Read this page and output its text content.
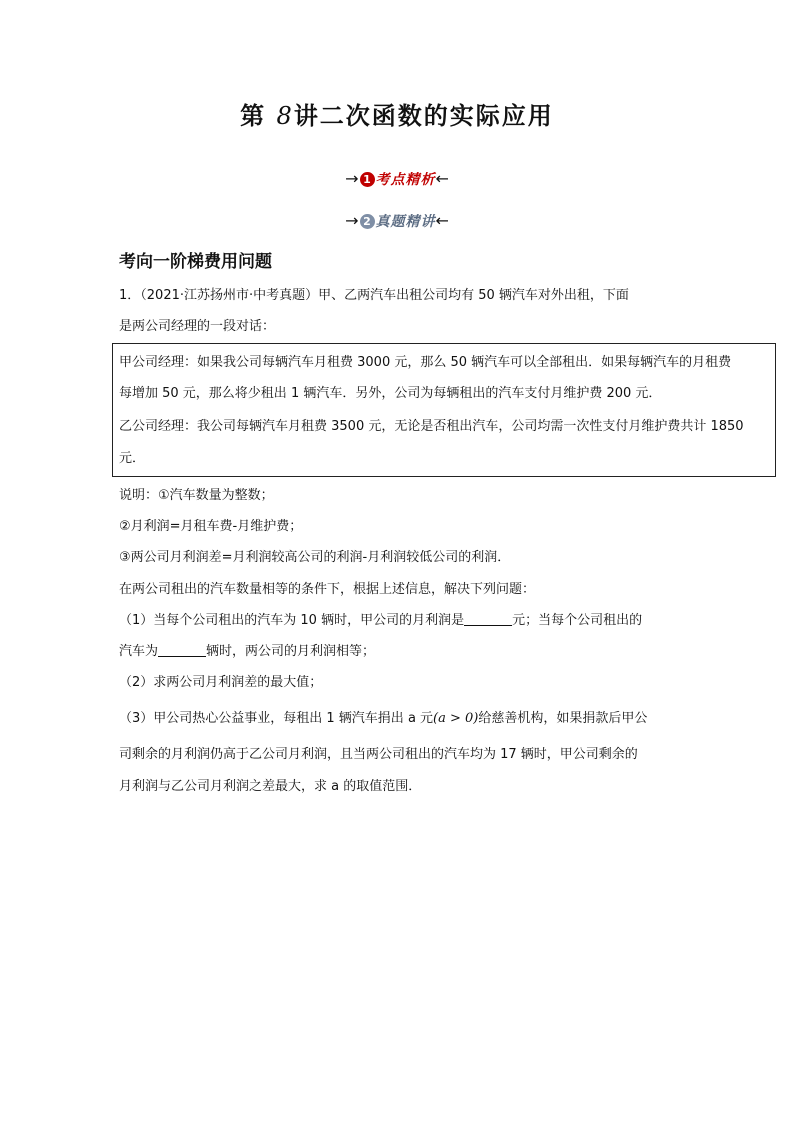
第 8讲二次函数的实际应用
→ 1 考点精析←
→ 2 真题精讲←
考向一阶梯费用问题
1．（2021·江苏扬州市·中考真题）甲、乙两汽车出租公司均有 50 辆汽车对外出租，下面
是两公司经理的一段对话：
甲公司经理：如果我公司每辆汽车月租费 3000 元，那么 50 辆汽车可以全部租出．如果每辆汽车的月租费
每增加 50 元，那么将少租出 1 辆汽车．另外，公司为每辆租出的汽车支付月维护费 200 元．
乙公司经理：我公司每辆汽车月租费 3500 元，无论是否租出汽车，公司均需一次性支付月维护费共计 1850
元．
说明：①汽车数量为整数；
②月利润=月租车费-月维护费；
③两公司月利润差=月利润较高公司的利润-月利润较低公司的利润．
在两公司租出的汽车数量相等的条件下，根据上述信息，解决下列问题：
（1）当每个公司租出的汽车为 10 辆时，甲公司的月利润是	元；当每个公司租出的
汽车为	辆时，两公司的月利润相等；
（2）求两公司月利润差的最大值；
（3）甲公司热心公益事业，每租出 1 辆汽车捐出 a 元(a > 0)给慈善机构，如果捐款后甲公
司剩余的月利润仍高于乙公司月利润，且当两公司租出的汽车均为 17 辆时，甲公司剩余的
月利润与乙公司月利润之差最大，求 a 的取值范围．
